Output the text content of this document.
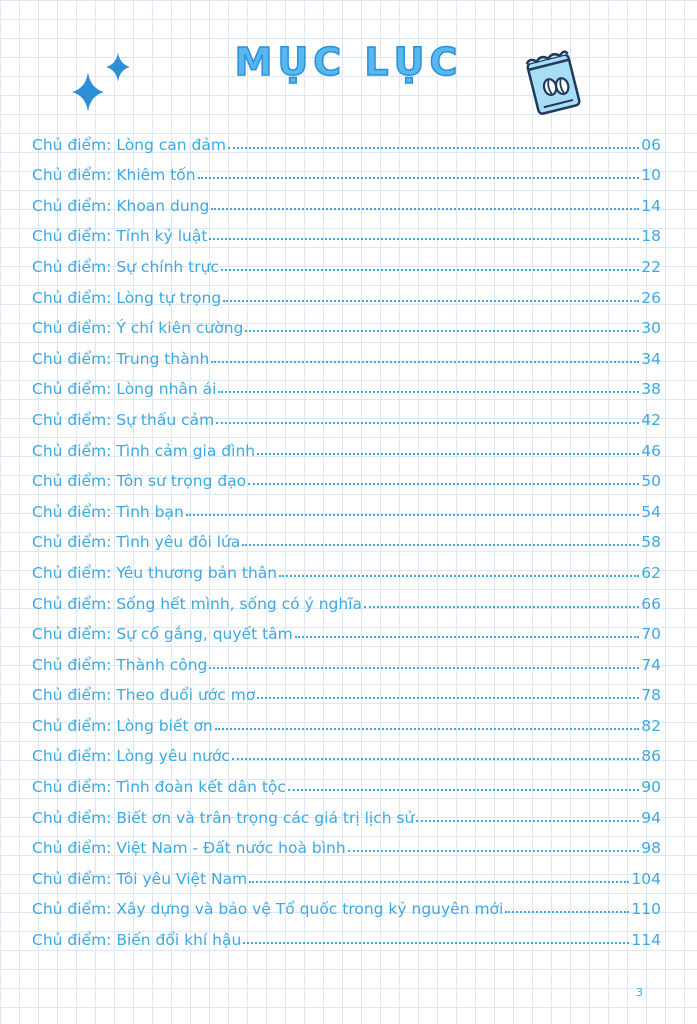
MỤC LỤC
Chủ điểm: Lòng can đảm	06
Chủ điểm: Khiêm tốn	10
Chủ điểm: Khoan dung	14
Chủ điểm: Tính kỷ luật	18
Chủ điểm: Sự chính trực	22
Chủ điểm: Lòng tự trọng	26
Chủ điểm: Ý chí kiên cường	30
Chủ điểm: Trung thành	34
Chủ điểm: Lòng nhân ái	38
Chủ điểm: Sự thấu cảm	42
Chủ điểm: Tình cảm gia đình	46
Chủ điểm: Tôn sư trọng đạo	50
Chủ điểm: Tình bạn	54
Chủ điểm: Tình yêu đôi lứa	58
Chủ điểm: Yêu thương bản thân	62
Chủ điểm: Sống hết mình, sống có ý nghĩa	66
Chủ điểm: Sự cố gắng, quyết tâm	70
Chủ điểm: Thành công	74
Chủ điểm: Theo đuổi ước mơ	78
Chủ điểm: Lòng biết ơn	82
Chủ điểm: Lòng yêu nước	86
Chủ điểm: Tình đoàn kết dân tộc	90
Chủ điểm: Biết ơn và trân trọng các giá trị lịch sử	94
Chủ điểm: Việt Nam - Đất nước hoà bình	98
Chủ điểm: Tôi yêu Việt Nam	104
Chủ điểm: Xây dựng và bảo vệ Tổ quốc trong kỷ nguyên mới	110
Chủ điểm: Biến đổi khí hậu	114
3
